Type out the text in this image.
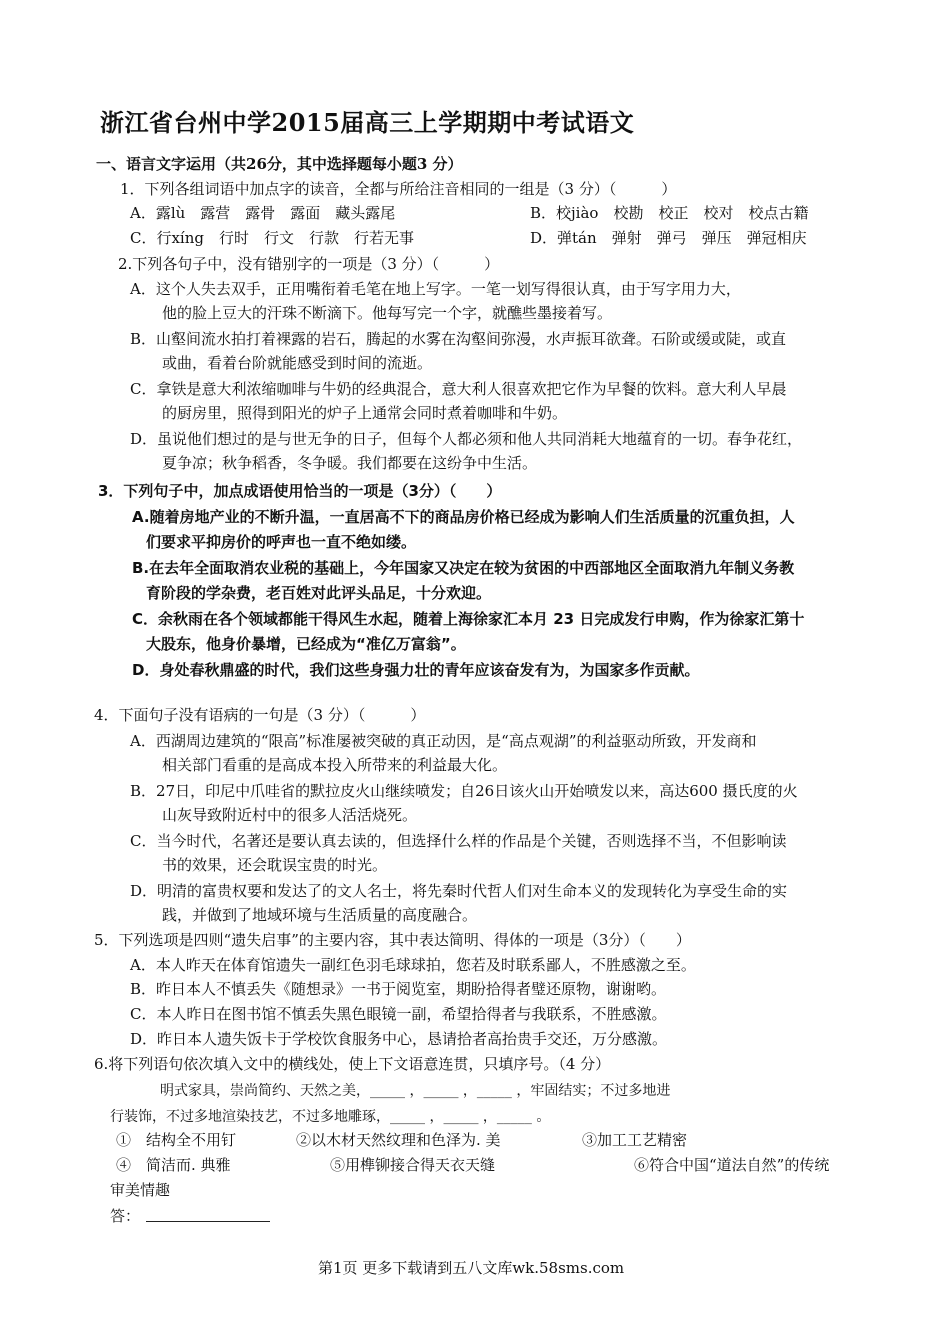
浙江省台州中学2015届高三上学期期中考试语文
一、语言文字运用（共26分，其中选择题每小题3 分）
1．下列各组词语中加点字的读音，全都与所给注音相同的一组是（3 分）（　　　）
A．露lù　露营　露骨　露面　藏头露尾	B．校jiào　校勘　校正　校对　校点古籍
C．行xíng　行时　行文　行款　行若无事	D．弹tán　弹射　弹弓　弹压　弹冠相庆
2.下列各句子中，没有错别字的一项是（3 分）（　　　）
A．这个人失去双手，正用嘴衔着毛笔在地上写字。一笔一划写得很认真，由于写字用力大，
他的脸上豆大的汗珠不断滴下。他每写完一个字，就醮些墨接着写。
B．山壑间流水拍打着裸露的岩石，腾起的水雾在沟壑间弥漫，水声振耳欲聋。石阶或缓或陡，或直
或曲，看着台阶就能感受到时间的流逝。
C．拿铁是意大利浓缩咖啡与牛奶的经典混合，意大利人很喜欢把它作为早餐的饮料。意大利人早晨
的厨房里，照得到阳光的炉子上通常会同时煮着咖啡和牛奶。
D．虽说他们想过的是与世无争的日子，但每个人都必须和他人共同消耗大地蕴育的一切。春争花红，
夏争凉；秋争稻香，冬争暖。我们都要在这纷争中生活。
3．下列句子中，加点成语使用恰当的一项是（3分）（　　）
A.随着房地产业的不断升温，一直居高不下的商品房价格已经成为影响人们生活质量的沉重负担，人
们要求平抑房价的呼声也一直不绝如缕。
B.在去年全面取消农业税的基础上，今年国家又决定在较为贫困的中西部地区全面取消九年制义务教
育阶段的学杂费，老百姓对此评头品足，十分欢迎。
C．余秋雨在各个领域都能干得风生水起，随着上海徐家汇本月 23 日完成发行申购，作为徐家汇第十
大股东，他身价暴增，已经成为“准亿万富翁”。
D．身处春秋鼎盛的时代，我们这些身强力壮的青年应该奋发有为，为国家多作贡献。
4．下面句子没有语病的一句是（3 分）（　　　）
A．西湖周边建筑的“限高”标准屡被突破的真正动因，是“高点观湖”的利益驱动所致，开发商和
相关部门看重的是高成本投入所带来的利益最大化。
B．27日，印尼中爪哇省的默拉皮火山继续喷发；自26日该火山开始喷发以来，高达600 摄氏度的火
山灰导致附近村中的很多人活活烧死。
C．当今时代，名著还是要认真去读的，但选择什么样的作品是个关键，否则选择不当，不但影响读
书的效果，还会耽误宝贵的时光。
D．明清的富贵权要和发达了的文人名士，将先秦时代哲人们对生命本义的发现转化为享受生命的实
践，并做到了地域环境与生活质量的高度融合。
5．下列选项是四则“遗失启事”的主要内容，其中表达简明、得体的一项是（3分）（　　）
A．本人昨天在体育馆遗失一副红色羽毛球球拍，您若及时联系鄙人，不胜感激之至。
B．昨日本人不慎丢失《随想录》一书于阅览室，期盼拾得者璧还原物，谢谢哟。
C．本人昨日在图书馆不慎丢失黑色眼镜一副，希望拾得者与我联系，不胜感激。
D．昨日本人遗失饭卡于学校饮食服务中心，恳请拾者高抬贵手交还，万分感激。
6.将下列语句依次填入文中的横线处，使上下文语意连贯，只填序号。（4 分）
明式家具，崇尚简约、天然之美，_____ ，_____ ，_____ ，牢固结实；不过多地进
行装饰，不过多地渲染技艺，不过多地雕琢，_____ ，_____ ，_____ 。
①　结构全不用钉	②以木材天然纹理和色泽为. 美	③加工工艺精密
④　简洁而. 典雅	⑤用榫铆接合得天衣天缝	⑥符合中国“道法自然”的传统
审美情趣
答：
第1页 更多下载请到五八文库wk.58sms.com
